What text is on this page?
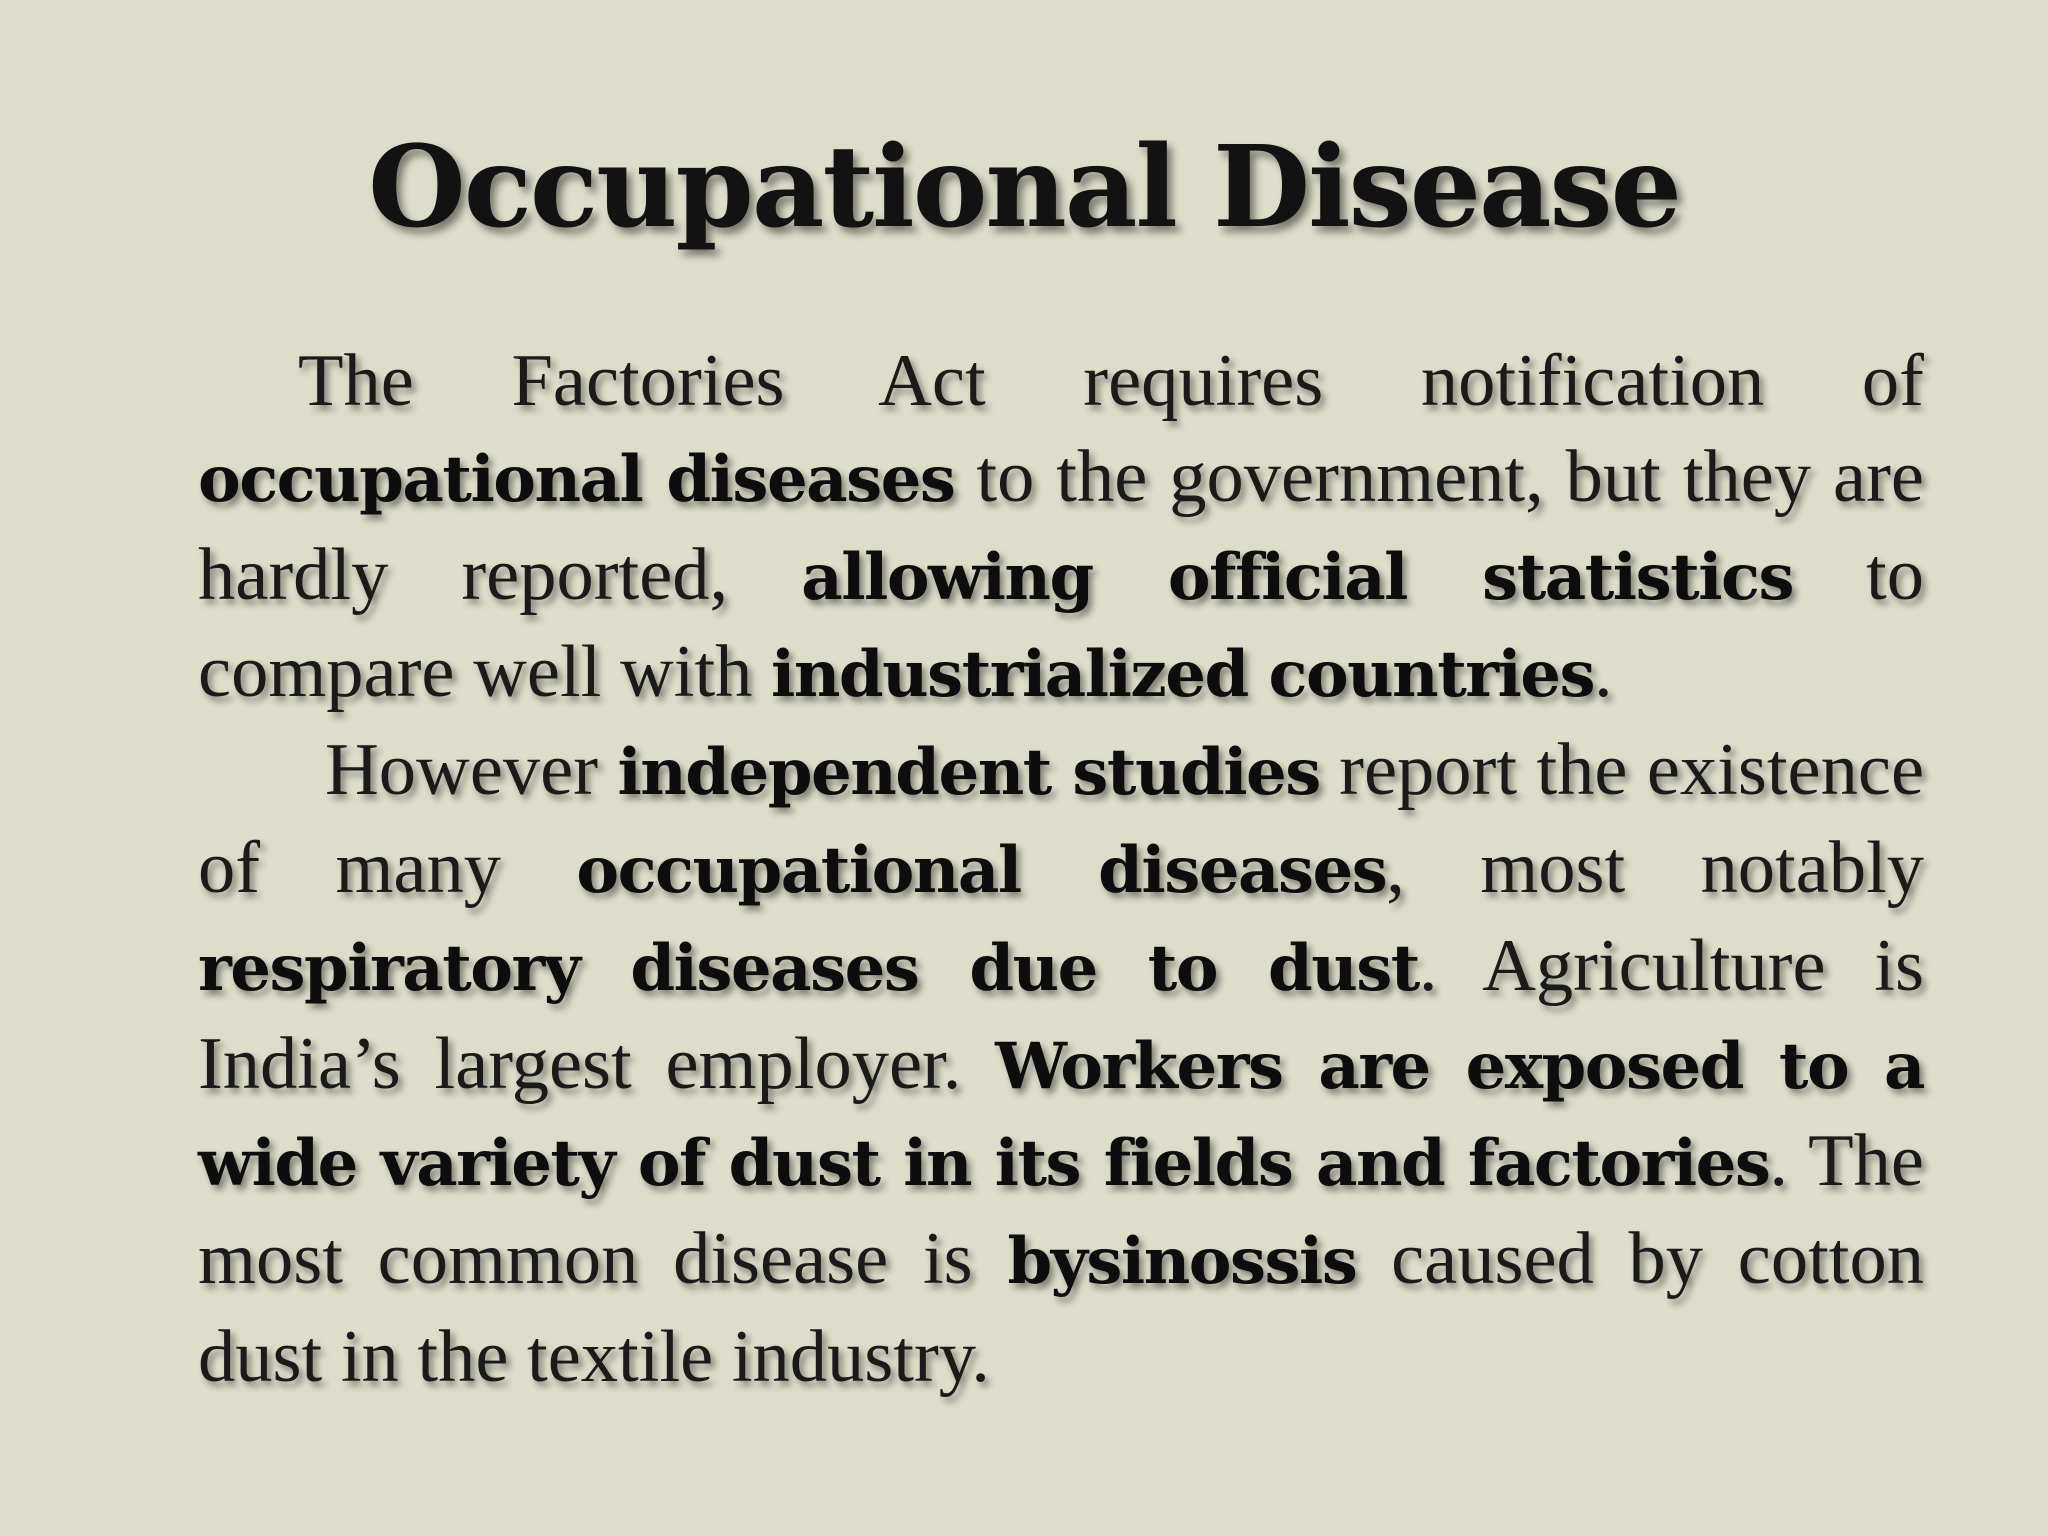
Occupational Disease

The Factories Act requires notification of occupational diseases to the government, but they are hardly reported, allowing official statistics to compare well with industrialized countries.

However independent studies report the existence of many occupational diseases, most notably respiratory diseases due to dust. Agriculture is India’s largest employer. Workers are exposed to a wide variety of dust in its fields and factories. The most common disease is bysinossis caused by cotton dust in the textile industry.
